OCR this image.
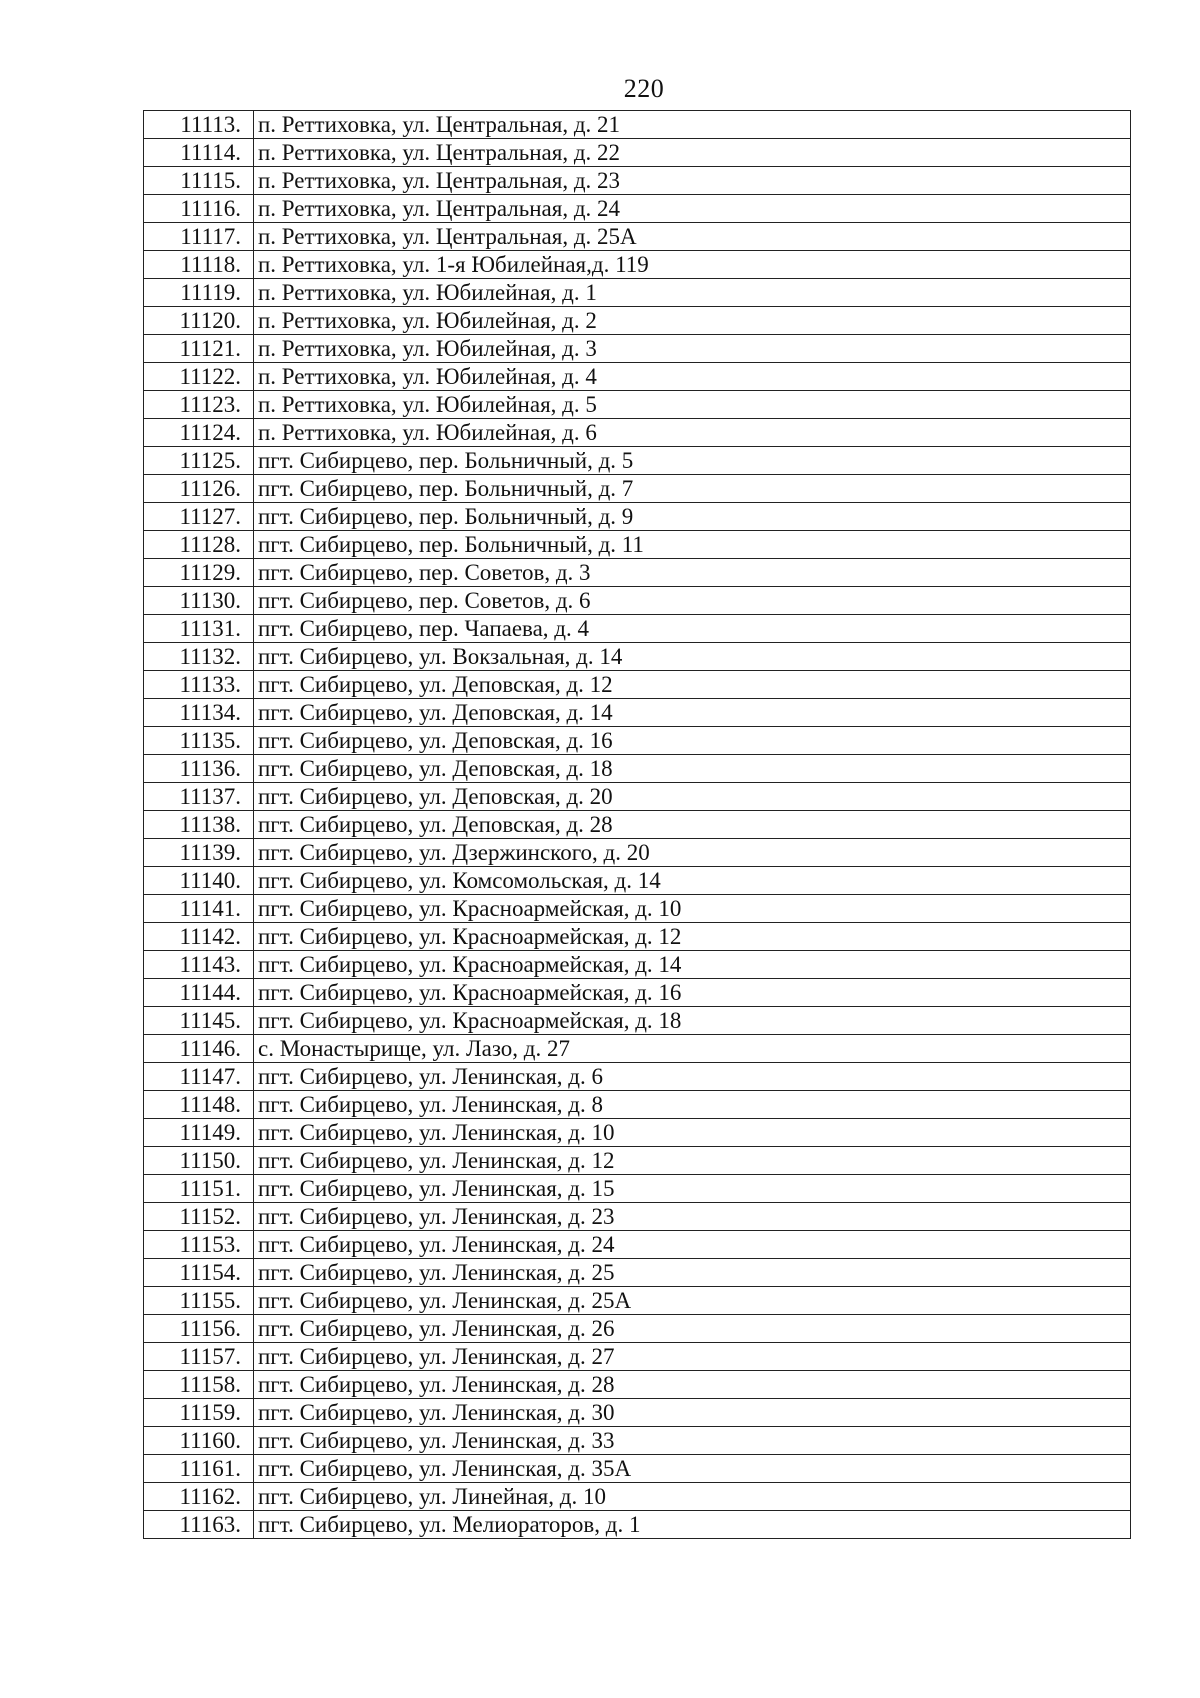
220
11113.	п. Реттиховка, ул. Центральная, д. 21
11114.	п. Реттиховка, ул. Центральная, д. 22
11115.	п. Реттиховка, ул. Центральная, д. 23
11116.	п. Реттиховка, ул. Центральная, д. 24
11117.	п. Реттиховка, ул. Центральная, д. 25А
11118.	п. Реттиховка, ул. 1-я Юбилейная,д. 119
11119.	п. Реттиховка, ул. Юбилейная, д. 1
11120.	п. Реттиховка, ул. Юбилейная, д. 2
11121.	п. Реттиховка, ул. Юбилейная, д. 3
11122.	п. Реттиховка, ул. Юбилейная, д. 4
11123.	п. Реттиховка, ул. Юбилейная, д. 5
11124.	п. Реттиховка, ул. Юбилейная, д. 6
11125.	пгт. Сибирцево, пер. Больничный, д. 5
11126.	пгт. Сибирцево, пер. Больничный, д. 7
11127.	пгт. Сибирцево, пер. Больничный, д. 9
11128.	пгт. Сибирцево, пер. Больничный, д. 11
11129.	пгт. Сибирцево, пер. Советов, д. 3
11130.	пгт. Сибирцево, пер. Советов, д. 6
11131.	пгт. Сибирцево, пер. Чапаева, д. 4
11132.	пгт. Сибирцево, ул. Вокзальная, д. 14
11133.	пгт. Сибирцево, ул. Деповская, д. 12
11134.	пгт. Сибирцево, ул. Деповская, д. 14
11135.	пгт. Сибирцево, ул. Деповская, д. 16
11136.	пгт. Сибирцево, ул. Деповская, д. 18
11137.	пгт. Сибирцево, ул. Деповская, д. 20
11138.	пгт. Сибирцево, ул. Деповская, д. 28
11139.	пгт. Сибирцево, ул. Дзержинского, д. 20
11140.	пгт. Сибирцево, ул. Комсомольская, д. 14
11141.	пгт. Сибирцево, ул. Красноармейская, д. 10
11142.	пгт. Сибирцево, ул. Красноармейская, д. 12
11143.	пгт. Сибирцево, ул. Красноармейская, д. 14
11144.	пгт. Сибирцево, ул. Красноармейская, д. 16
11145.	пгт. Сибирцево, ул. Красноармейская, д. 18
11146.	с. Монастырище, ул. Лазо, д. 27
11147.	пгт. Сибирцево, ул. Ленинская, д. 6
11148.	пгт. Сибирцево, ул. Ленинская, д. 8
11149.	пгт. Сибирцево, ул. Ленинская, д. 10
11150.	пгт. Сибирцево, ул. Ленинская, д. 12
11151.	пгт. Сибирцево, ул. Ленинская, д. 15
11152.	пгт. Сибирцево, ул. Ленинская, д. 23
11153.	пгт. Сибирцево, ул. Ленинская, д. 24
11154.	пгт. Сибирцево, ул. Ленинская, д. 25
11155.	пгт. Сибирцево, ул. Ленинская, д. 25А
11156.	пгт. Сибирцево, ул. Ленинская, д. 26
11157.	пгт. Сибирцево, ул. Ленинская, д. 27
11158.	пгт. Сибирцево, ул. Ленинская, д. 28
11159.	пгт. Сибирцево, ул. Ленинская, д. 30
11160.	пгт. Сибирцево, ул. Ленинская, д. 33
11161.	пгт. Сибирцево, ул. Ленинская, д. 35А
11162.	пгт. Сибирцево, ул. Линейная, д. 10
11163.	пгт. Сибирцево, ул. Мелиораторов, д. 1
